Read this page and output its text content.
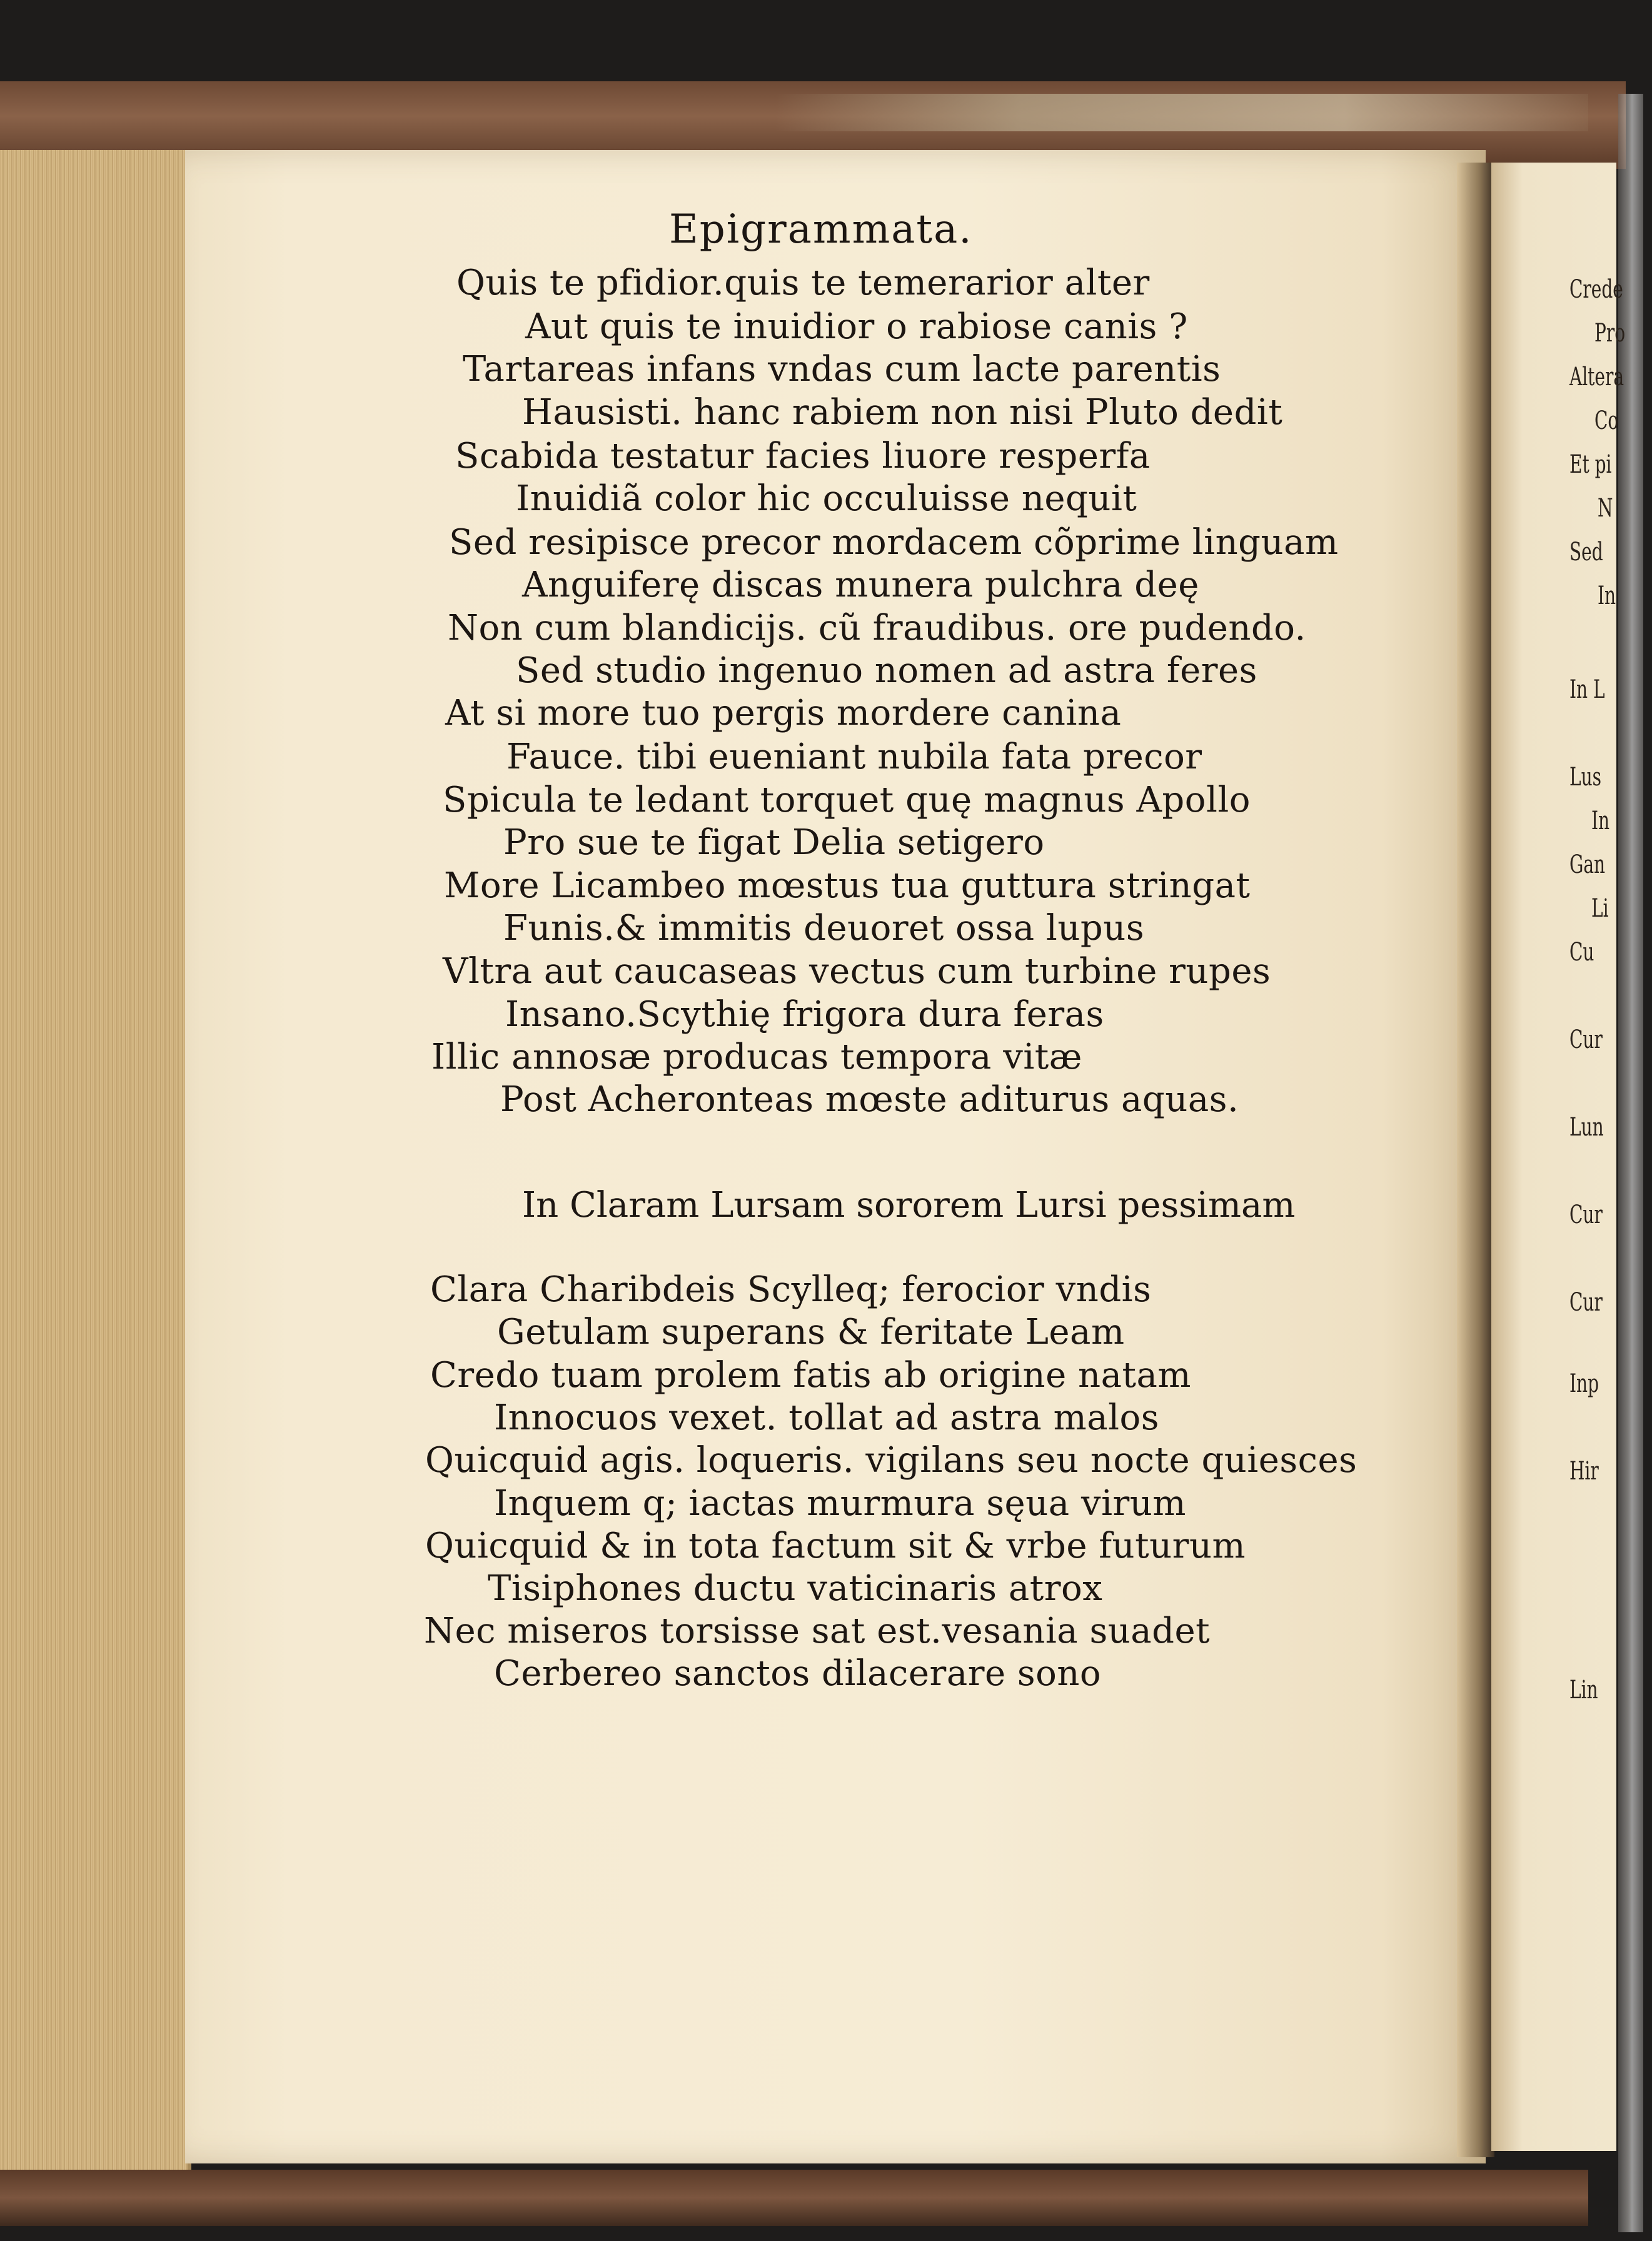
Epigrammata.
Quis te pfidior.quis te temerarior alter
Aut quis te inuidior o rabiose canis ?
Tartareas infans vndas cum lacte parentis
Hausisti. hanc rabiem non nisi Pluto dedit
Scabida testatur facies liuore resperfa
Inuidiã color hic occuluisse nequit
Sed resipisce precor mordacem cõprime linguam
Anguiferę discas munera pulchra deę
Non cum blandicijs. cũ fraudibus. ore pudendo.
Sed studio ingenuo nomen ad astra feres
At si more tuo pergis mordere canina
Fauce. tibi eueniant nubila fata precor
Spicula te ledant torquet quę magnus Apollo
Pro sue te figat Delia setigero
More Licambeo mœstus tua guttura stringat
Funis.& immitis deuoret ossa lupus
Vltra aut caucaseas vectus cum turbine rupes
Insano.Scythię frigora dura feras
Illic annosæ producas tempora vitæ
Post Acheronteas mœste aditurus aquas.
In Claram Lursam sororem Lursi pessimam
Clara Charibdeis Scylleq; ferocior vndis
Getulam superans & feritate Leam
Credo tuam prolem fatis ab origine natam
Innocuos vexet. tollat ad astra malos
Quicquid agis. loqueris. vigilans seu nocte quiesces
Inquem q; iactas murmura sęua virum
Quicquid & in tota factum sit & vrbe futurum
Tisiphones ductu vaticinaris atrox
Nec miseros torsisse sat est.vesania suadet
Cerbereo sanctos dilacerare sono
Crede
Pro
Altera
Co
Et pi
N
Sed
In
In L
Lus
In
Gan
Li
Cu
Cur
Lun
Cur
Cur
Inp
Hir
Lin
